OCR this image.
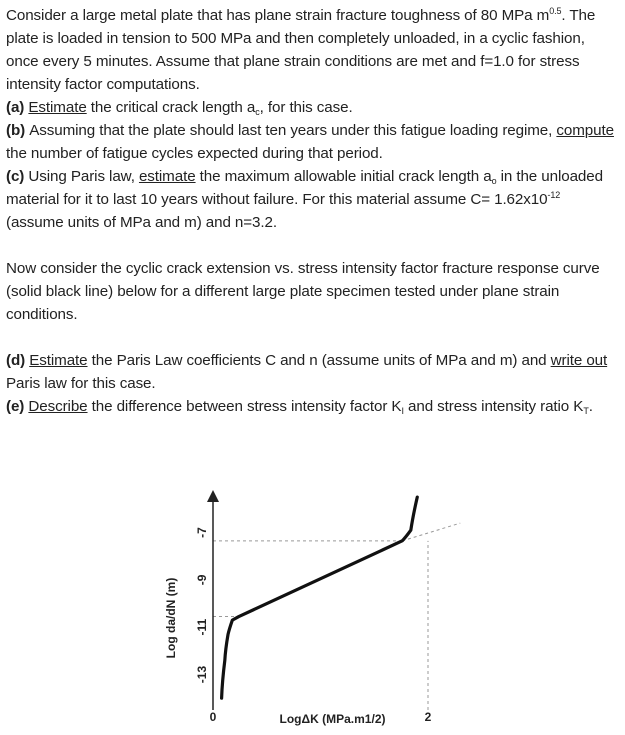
Consider a large metal plate that has plane strain fracture toughness of 80 MPa $m^{0.5}$. The plate is loaded in tension to 500 MPa and then completely unloaded, in a cyclic fashion, once every 5 minutes. Assume that plane strain conditions are met and f=1.0 for stress intensity factor computations.

(a) Estimate the critical crack length $a_c$, for this case.

(b) Assuming that the plate should last ten years under this fatigue loading regime, compute the number of fatigue cycles expected during that period.

(c) Using Paris law, estimate the maximum allowable initial crack length $a_o$ in the unloaded material for it to last 10 years without failure. For this material assume $C= 1.62x10^{-12}$ (assume units of MPa and m) and n=3.2.

Now consider the cyclic crack extension vs. stress intensity factor fracture response curve (solid black line) below for a different large plate specimen tested under plane strain conditions.

(d) Estimate the Paris Law coefficients C and n (assume units of MPa and m) and write out Paris law for this case.

(e) Describe the difference between stress intensity factor $K_I$ and stress intensity ratio $K_T$.

-7
-9
-11
-13
0	2
Log da/dN (m)
LogΔK (MPa.m1/2)
